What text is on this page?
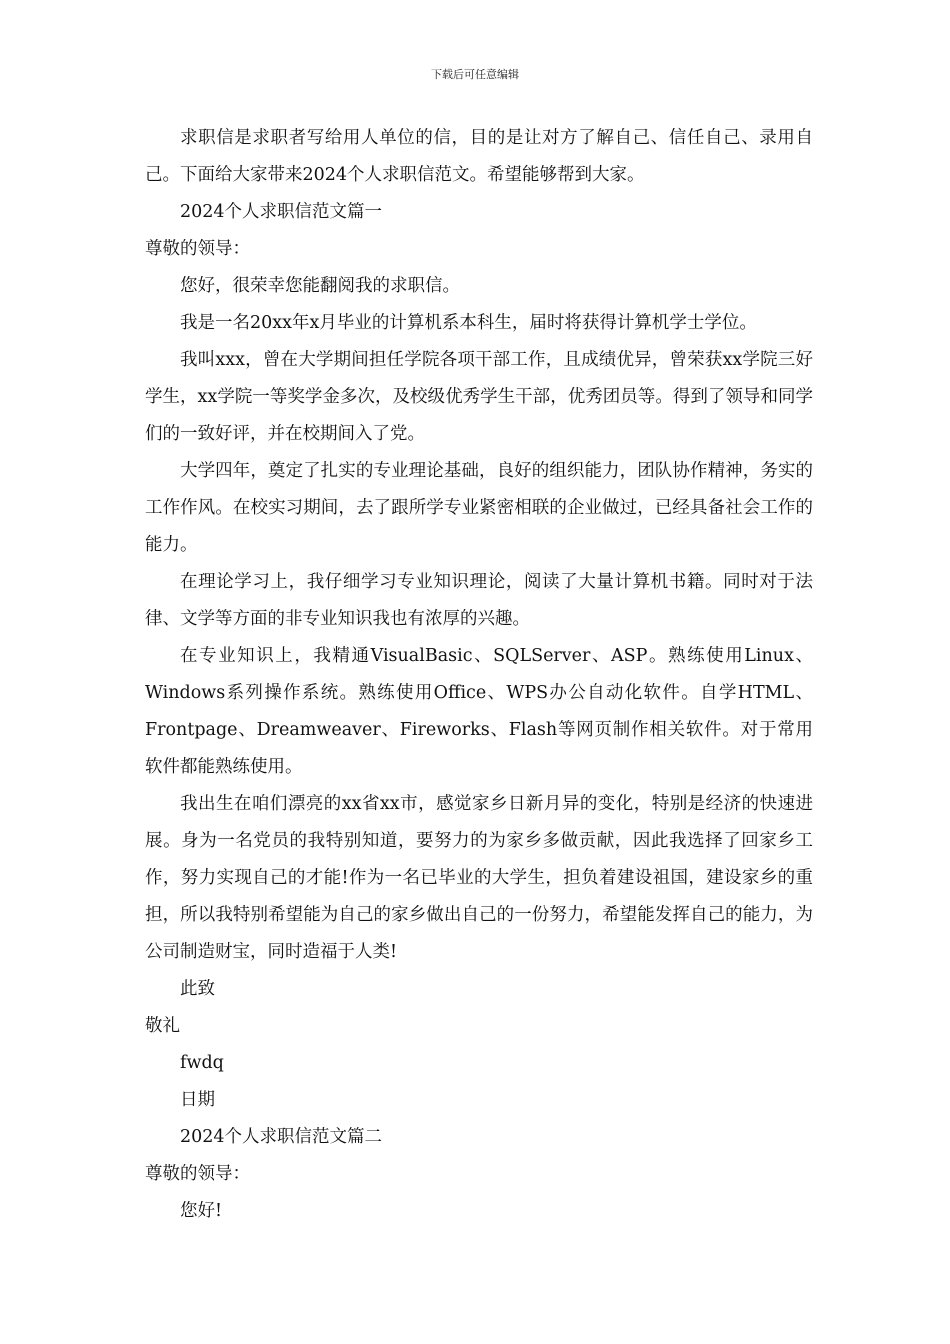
下载后可任意编辑

求职信是求职者写给用人单位的信，目的是让对方了解自己、信任自己、录用自己。下面给大家带来2024个人求职信范文。希望能够帮到大家。

2024个人求职信范文篇一

尊敬的领导：

您好，很荣幸您能翻阅我的求职信。

我是一名20xx年x月毕业的计算机系本科生，届时将获得计算机学士学位。

我叫xxx，曾在大学期间担任学院各项干部工作，且成绩优异，曾荣获xx学院三好学生，xx学院一等奖学金多次，及校级优秀学生干部，优秀团员等。得到了领导和同学们的一致好评，并在校期间入了党。

大学四年，奠定了扎实的专业理论基础，良好的组织能力，团队协作精神，务实的工作作风。在校实习期间，去了跟所学专业紧密相联的企业做过，已经具备社会工作的能力。

在理论学习上，我仔细学习专业知识理论，阅读了大量计算机书籍。同时对于法律、文学等方面的非专业知识我也有浓厚的兴趣。

在专业知识上，我精通VisualBasic、SQLServer、ASP。熟练使用Linux、Windows系列操作系统。熟练使用Office、WPS办公自动化软件。自学HTML、Frontpage、Dreamweaver、Fireworks、Flash等网页制作相关软件。对于常用软件都能熟练使用。

我出生在咱们漂亮的xx省xx市，感觉家乡日新月异的变化，特别是经济的快速进展。身为一名党员的我特别知道，要努力的为家乡多做贡献，因此我选择了回家乡工作，努力实现自己的才能!作为一名已毕业的大学生，担负着建设祖国，建设家乡的重担，所以我特别希望能为自己的家乡做出自己的一份努力，希望能发挥自己的能力，为公司制造财宝，同时造福于人类!

此致

敬礼

fwdq

日期

2024个人求职信范文篇二

尊敬的领导：

您好!
